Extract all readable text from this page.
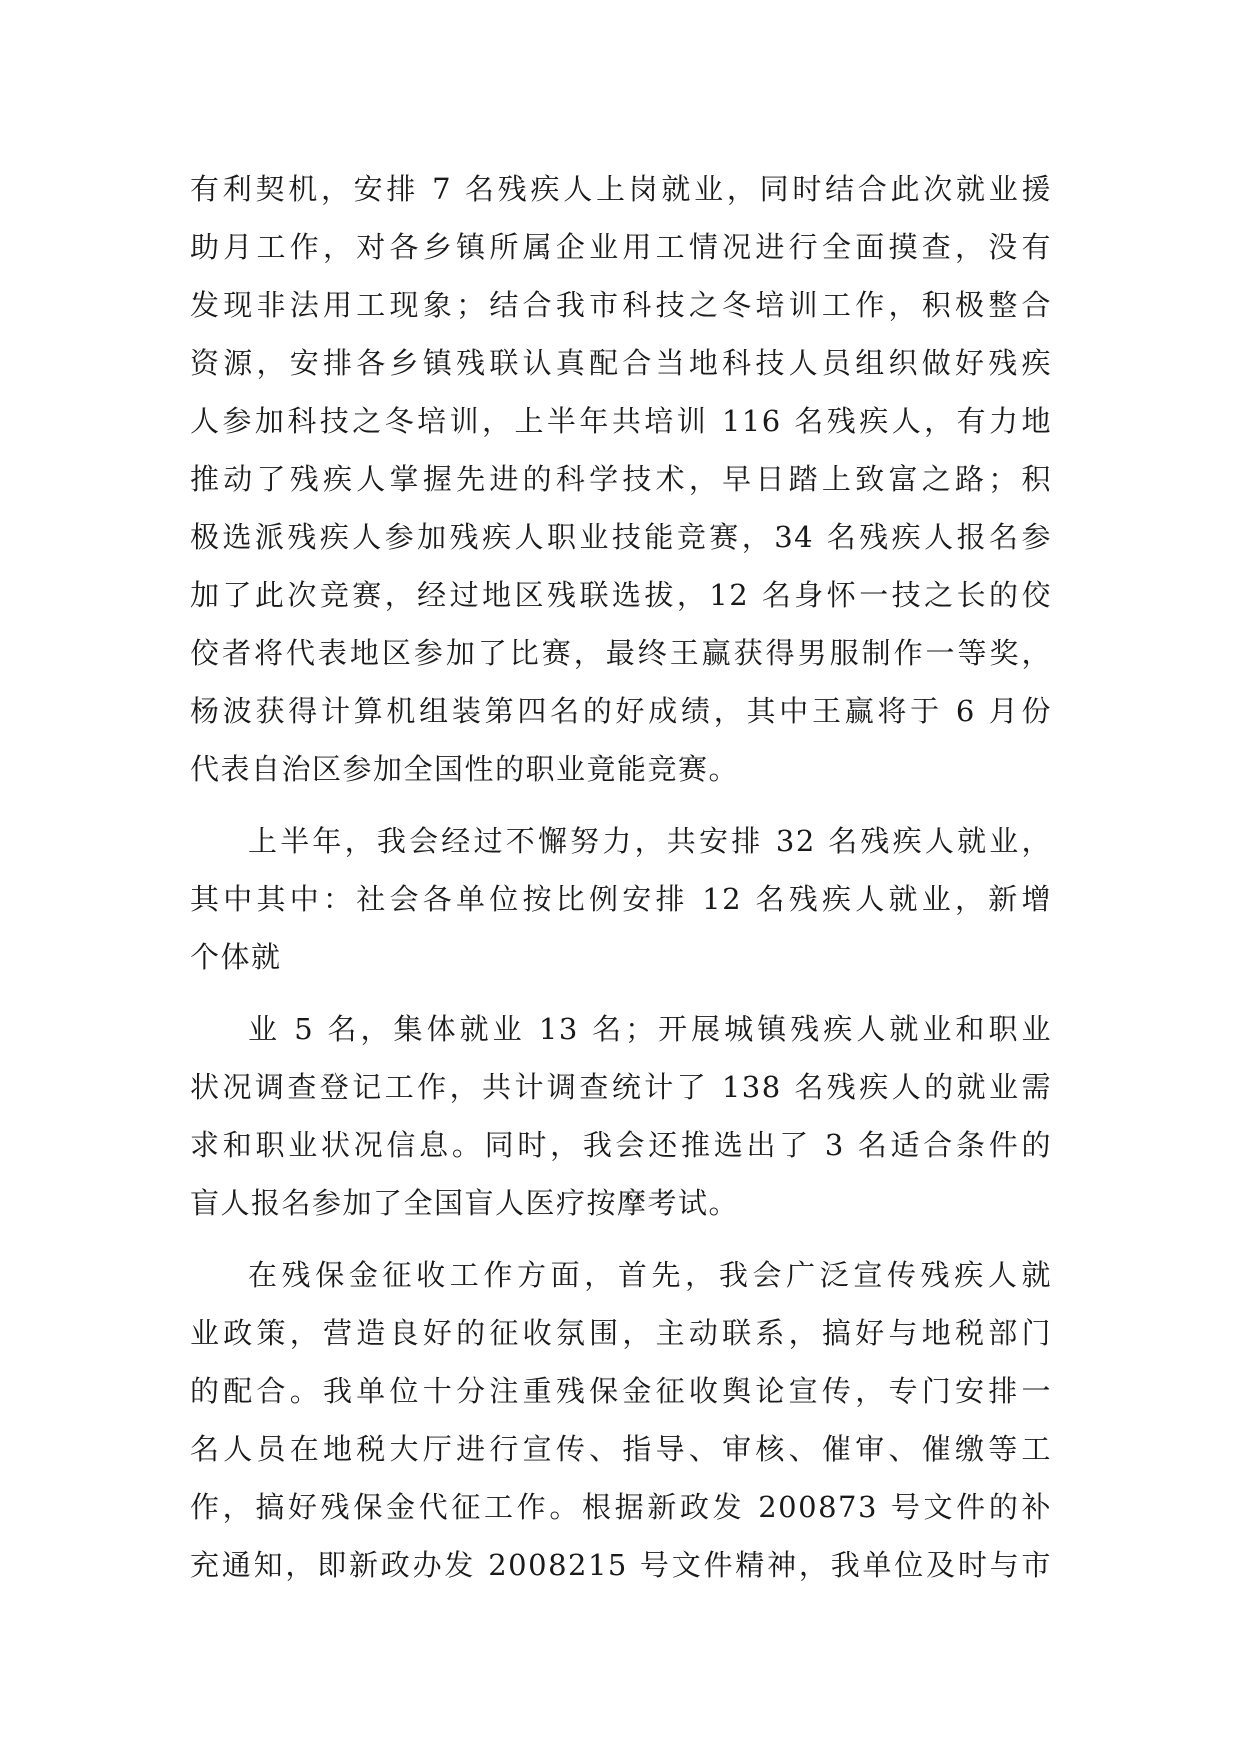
有利契机，安排 7 名残疾人上岗就业，同时结合此次就业援
助月工作，对各乡镇所属企业用工情况进行全面摸查，没有
发现非法用工现象；结合我市科技之冬培训工作，积极整合
资源，安排各乡镇残联认真配合当地科技人员组织做好残疾
人参加科技之冬培训，上半年共培训 116 名残疾人，有力地
推动了残疾人掌握先进的科学技术，早日踏上致富之路；积
极选派残疾人参加残疾人职业技能竞赛，34 名残疾人报名参
加了此次竞赛，经过地区残联选拔，12 名身怀一技之长的佼
佼者将代表地区参加了比赛，最终王赢获得男服制作一等奖，
杨波获得计算机组装第四名的好成绩，其中王赢将于 6 月份
代表自治区参加全国性的职业竟能竞赛。
上半年，我会经过不懈努力，共安排 32 名残疾人就业，
其中其中：社会各单位按比例安排 12 名残疾人就业，新增
个体就
业 5 名，集体就业 13 名；开展城镇残疾人就业和职业
状况调查登记工作，共计调查统计了 138 名残疾人的就业需
求和职业状况信息。同时，我会还推选出了 3 名适合条件的
盲人报名参加了全国盲人医疗按摩考试。
在残保金征收工作方面，首先，我会广泛宣传残疾人就
业政策，营造良好的征收氛围，主动联系，搞好与地税部门
的配合。我单位十分注重残保金征收舆论宣传，专门安排一
名人员在地税大厅进行宣传、指导、审核、催审、催缴等工
作，搞好残保金代征工作。根据新政发 200873 号文件的补
充通知，即新政办发 2008215 号文件精神，我单位及时与市
